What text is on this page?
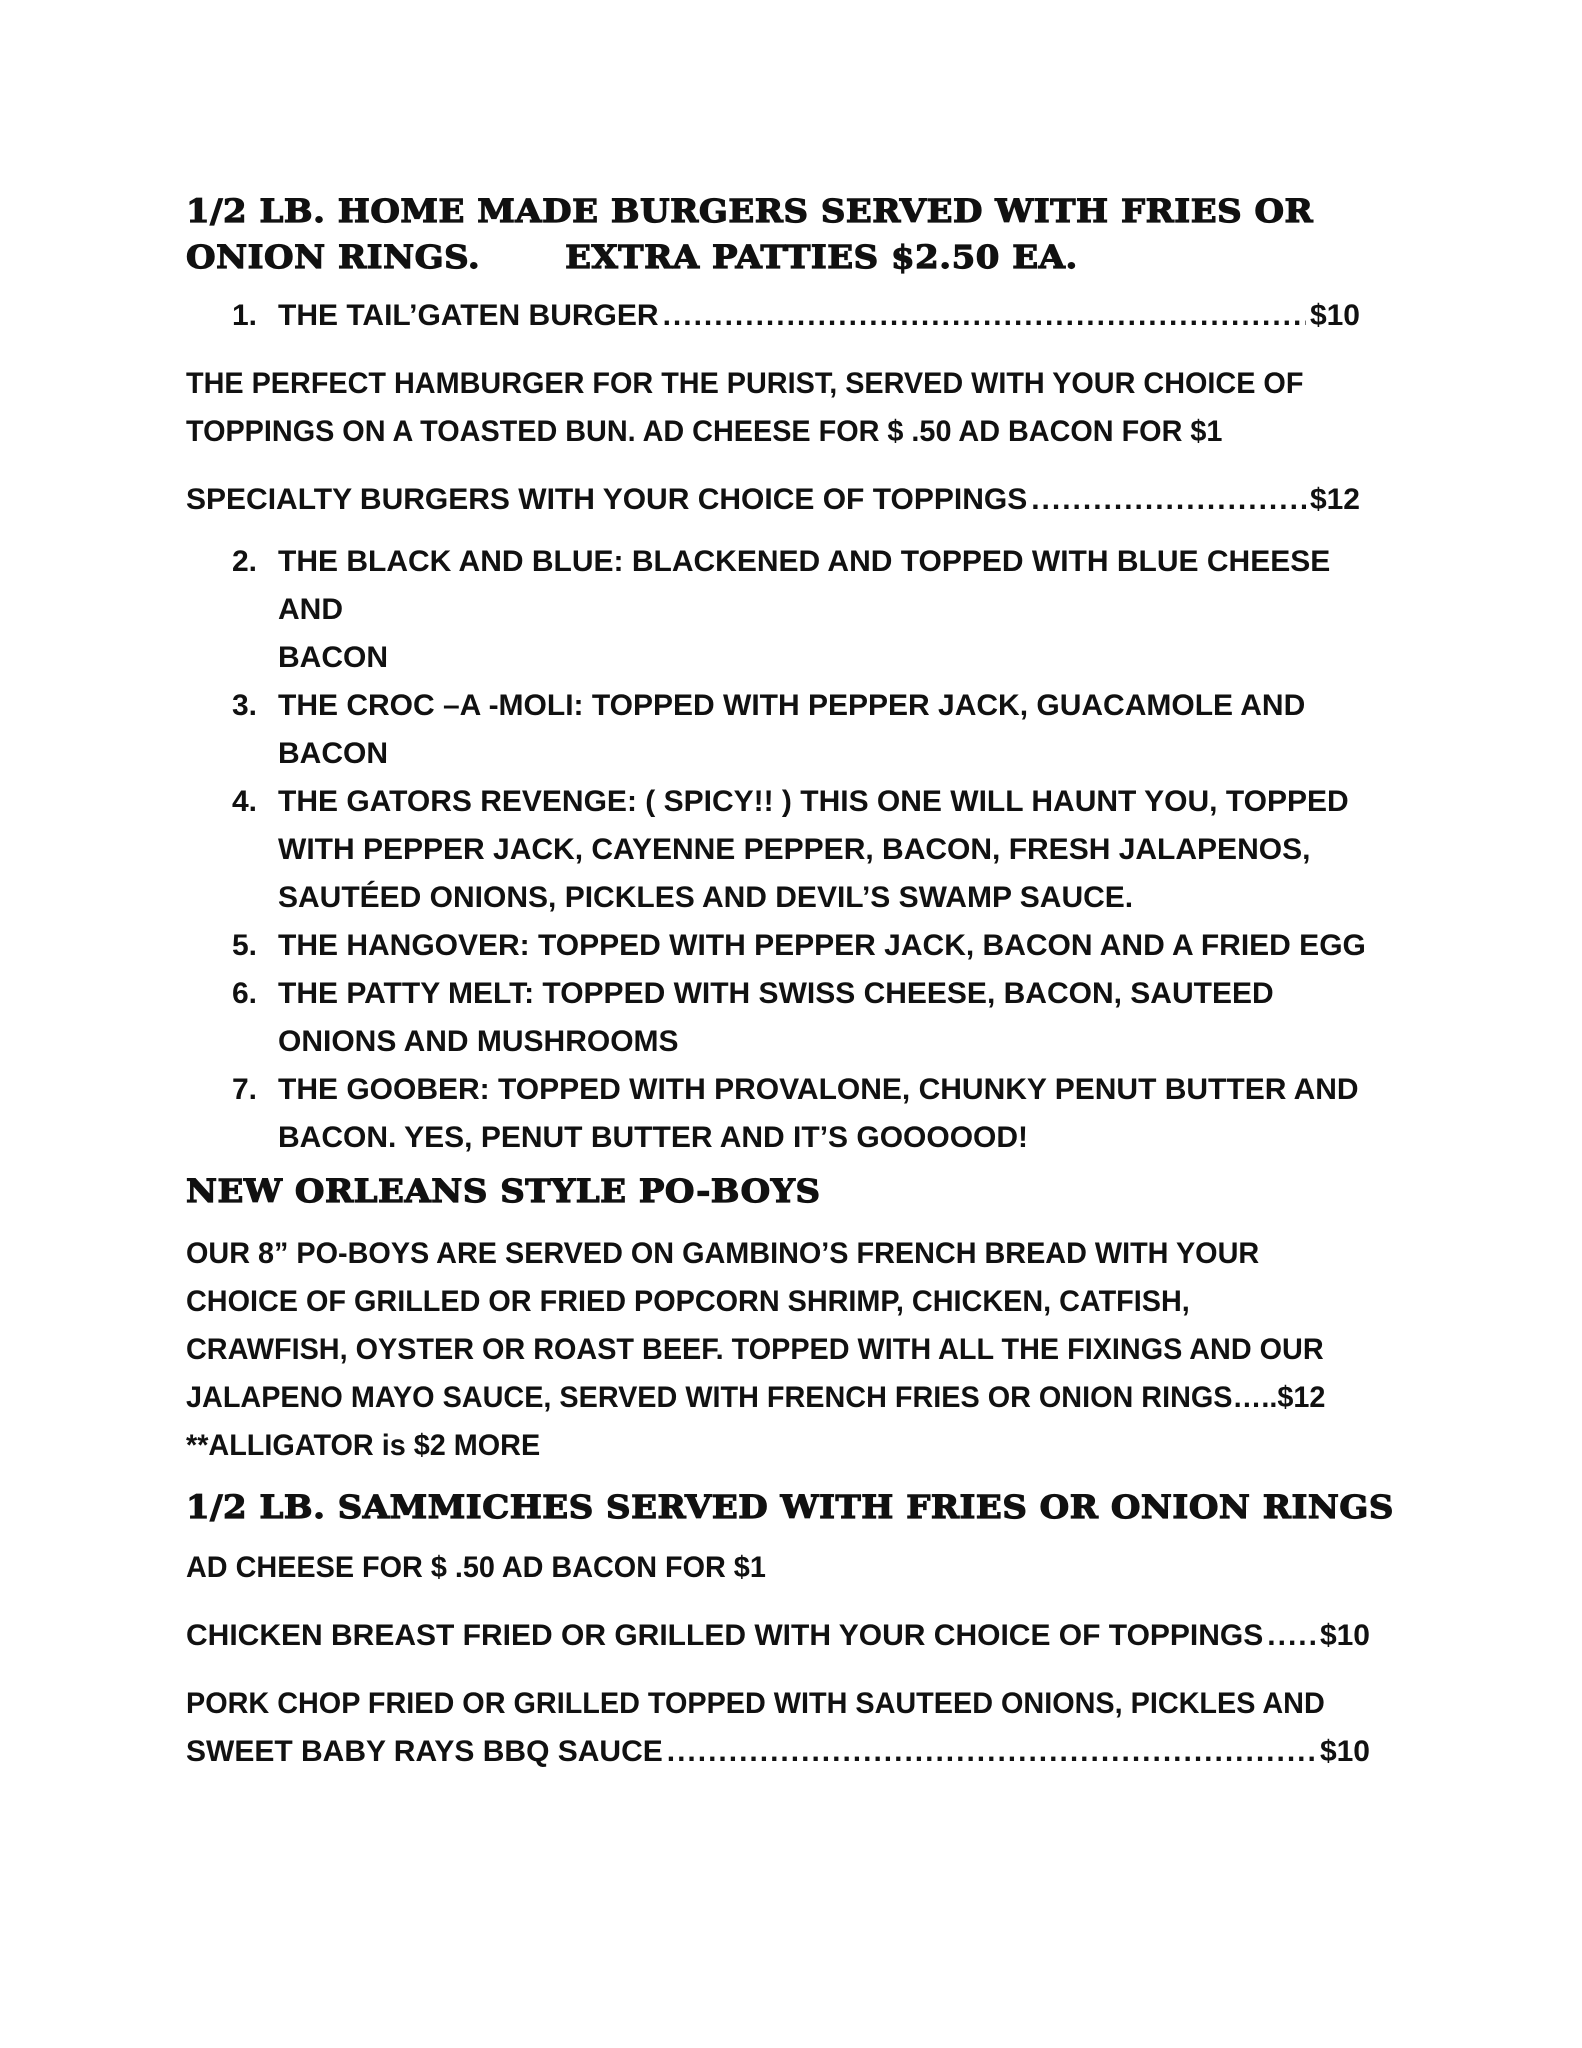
1/2 LB. HOME MADE BURGERS SERVED WITH FRIES OR
ONION RINGS.	EXTRA PATTIES $2.50 EA.
1. THE TAIL’GATEN BURGER .....	$10

THE PERFECT HAMBURGER FOR THE PURIST, SERVED WITH YOUR CHOICE OF
TOPPINGS ON A TOASTED BUN. AD CHEESE FOR $ .50 AD BACON FOR $1

SPECIALTY BURGERS WITH YOUR CHOICE OF TOPPINGS .....	$12
2. THE BLACK AND BLUE: BLACKENED AND TOPPED WITH BLUE CHEESE AND
BACON
3. THE CROC –A -MOLI: TOPPED WITH PEPPER JACK, GUACAMOLE AND
BACON
4. THE GATORS REVENGE: ( SPICY!! ) THIS ONE WILL HAUNT YOU, TOPPED
WITH PEPPER JACK, CAYENNE PEPPER, BACON, FRESH JALAPENOS,
SAUTÉED ONIONS, PICKLES AND DEVIL’S SWAMP SAUCE.
5. THE HANGOVER: TOPPED WITH PEPPER JACK, BACON AND A FRIED EGG
6. THE PATTY MELT: TOPPED WITH SWISS CHEESE, BACON, SAUTEED
ONIONS AND MUSHROOMS
7. THE GOOBER: TOPPED WITH PROVALONE, CHUNKY PENUT BUTTER AND
BACON. YES, PENUT BUTTER AND IT’S GOOOOOD!
NEW ORLEANS STYLE PO-BOYS

OUR 8” PO-BOYS ARE SERVED ON GAMBINO’S FRENCH BREAD WITH YOUR
CHOICE OF GRILLED OR FRIED POPCORN SHRIMP, CHICKEN, CATFISH,
CRAWFISH, OYSTER OR ROAST BEEF. TOPPED WITH ALL THE FIXINGS AND OUR
JALAPENO MAYO SAUCE, SERVED WITH FRENCH FRIES OR ONION RINGS…..$12
**ALLIGATOR is $2 MORE

1/2 LB. SAMMICHES SERVED WITH FRIES OR ONION RINGS

AD CHEESE FOR $ .50 AD BACON FOR $1

CHICKEN BREAST FRIED OR GRILLED WITH YOUR CHOICE OF TOPPINGS ..... $10

PORK CHOP FRIED OR GRILLED TOPPED WITH SAUTEED ONIONS, PICKLES AND

SWEET BABY RAYS BBQ SAUCE .....	$10
